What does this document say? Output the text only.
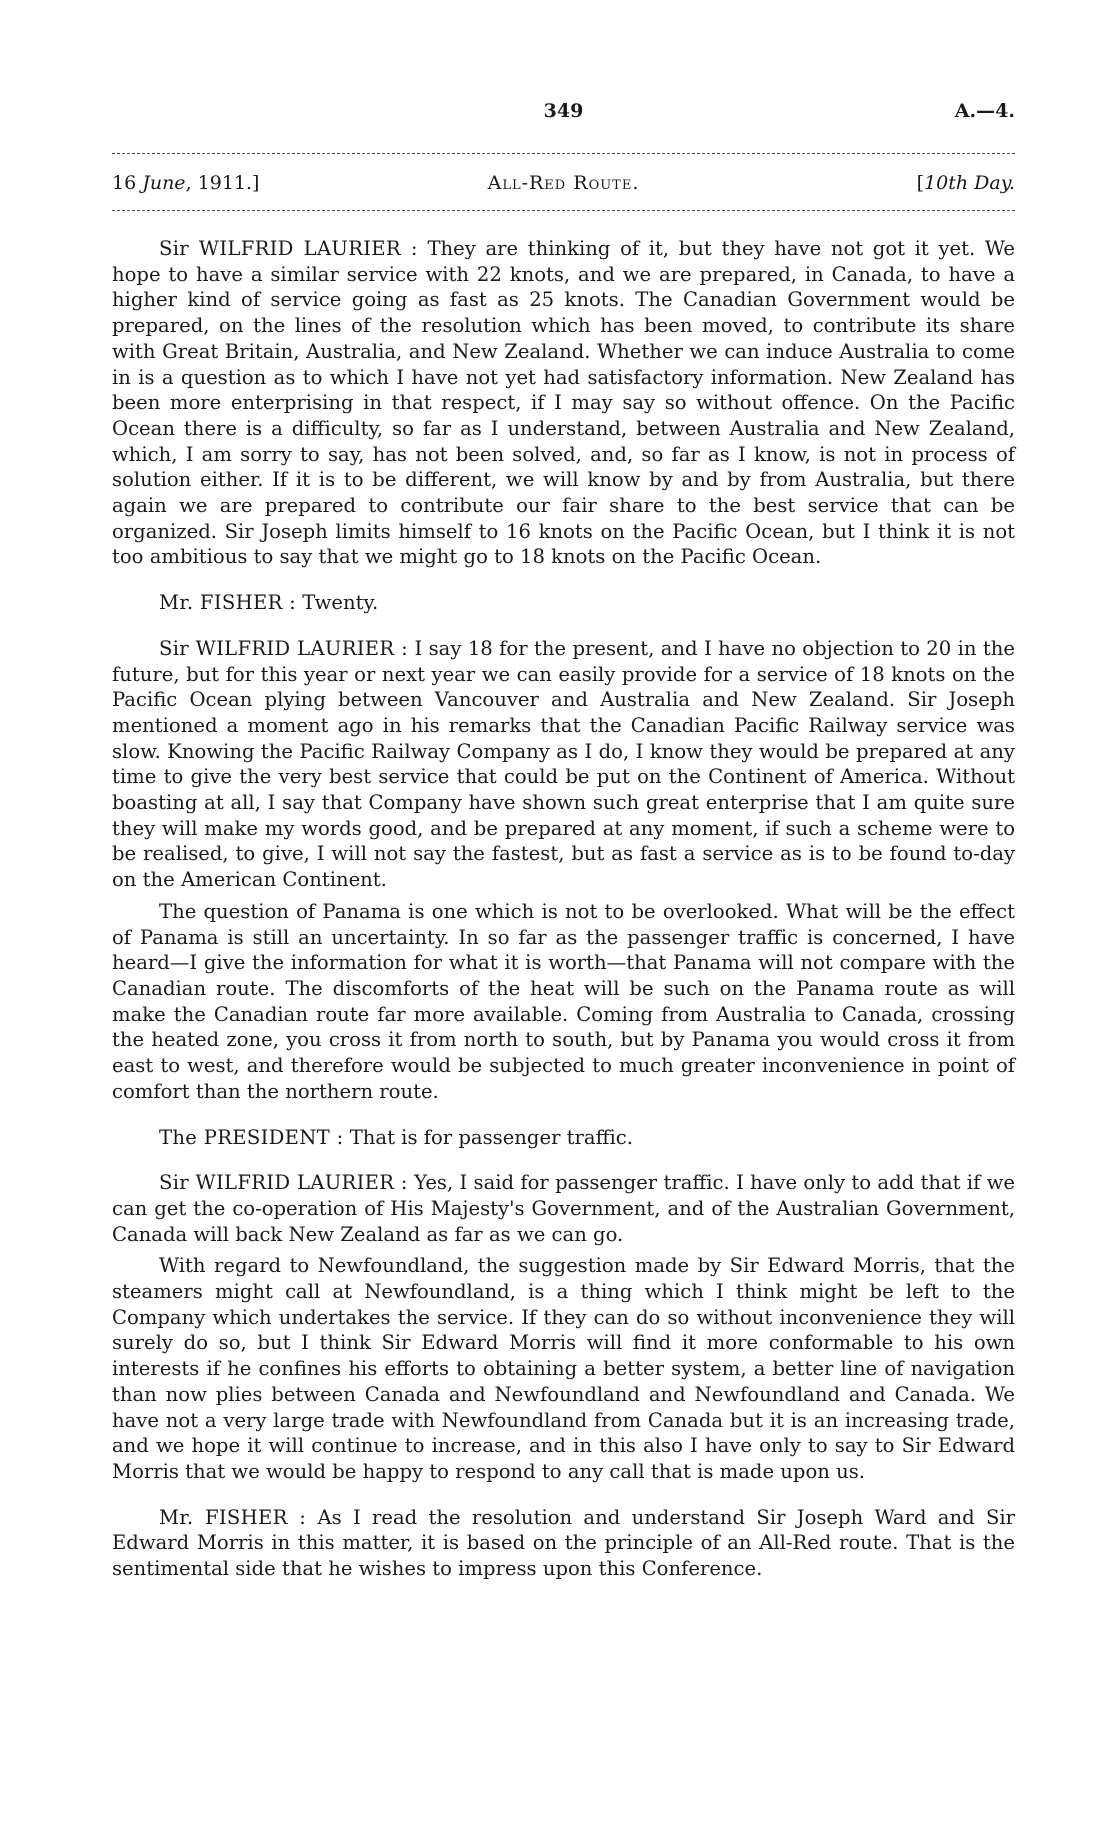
349	A.—4.
16 June, 1911.]	All-Red Route.	[10th Day.

Sir WILFRID LAURIER : They are thinking of it, but they have not got it yet. We hope to have a similar service with 22 knots, and we are prepared, in Canada, to have a higher kind of service going as fast as 25 knots. The Canadian Government would be prepared, on the lines of the resolution which has been moved, to contribute its share with Great Britain, Australia, and New Zealand. Whether we can induce Australia to come in is a question as to which I have not yet had satisfactory information. New Zealand has been more enterprising in that respect, if I may say so without offence. On the Pacific Ocean there is a difficulty, so far as I understand, between Australia and New Zealand, which, I am sorry to say, has not been solved, and, so far as I know, is not in process of solution either. If it is to be different, we will know by and by from Australia, but there again we are prepared to contribute our fair share to the best service that can be organized. Sir Joseph limits himself to 16 knots on the Pacific Ocean, but I think it is not too ambitious to say that we might go to 18 knots on the Pacific Ocean.

Mr. FISHER : Twenty.

Sir WILFRID LAURIER : I say 18 for the present, and I have no objection to 20 in the future, but for this year or next year we can easily provide for a service of 18 knots on the Pacific Ocean plying between Vancouver and Australia and New Zealand. Sir Joseph mentioned a moment ago in his remarks that the Canadian Pacific Railway service was slow. Knowing the Pacific Railway Company as I do, I know they would be prepared at any time to give the very best service that could be put on the Continent of America. Without boasting at all, I say that Company have shown such great enterprise that I am quite sure they will make my words good, and be prepared at any moment, if such a scheme were to be realised, to give, I will not say the fastest, but as fast a service as is to be found to-day on the American Continent.

The question of Panama is one which is not to be overlooked. What will be the effect of Panama is still an uncertainty. In so far as the passenger traffic is concerned, I have heard—I give the information for what it is worth—that Panama will not compare with the Canadian route. The discomforts of the heat will be such on the Panama route as will make the Canadian route far more available. Coming from Australia to Canada, crossing the heated zone, you cross it from north to south, but by Panama you would cross it from east to west, and therefore would be subjected to much greater inconvenience in point of comfort than the northern route.

The PRESIDENT : That is for passenger traffic.

Sir WILFRID LAURIER : Yes, I said for passenger traffic. I have only to add that if we can get the co-operation of His Majesty's Government, and of the Australian Government, Canada will back New Zealand as far as we can go.

With regard to Newfoundland, the suggestion made by Sir Edward Morris, that the steamers might call at Newfoundland, is a thing which I think might be left to the Company which undertakes the service. If they can do so without inconvenience they will surely do so, but I think Sir Edward Morris will find it more conformable to his own interests if he confines his efforts to obtaining a better system, a better line of navigation than now plies between Canada and Newfoundland and Newfoundland and Canada. We have not a very large trade with Newfoundland from Canada but it is an increasing trade, and we hope it will continue to increase, and in this also I have only to say to Sir Edward Morris that we would be happy to respond to any call that is made upon us.

Mr. FISHER : As I read the resolution and understand Sir Joseph Ward and Sir Edward Morris in this matter, it is based on the principle of an All-Red route. That is the sentimental side that he wishes to impress upon this Conference.
